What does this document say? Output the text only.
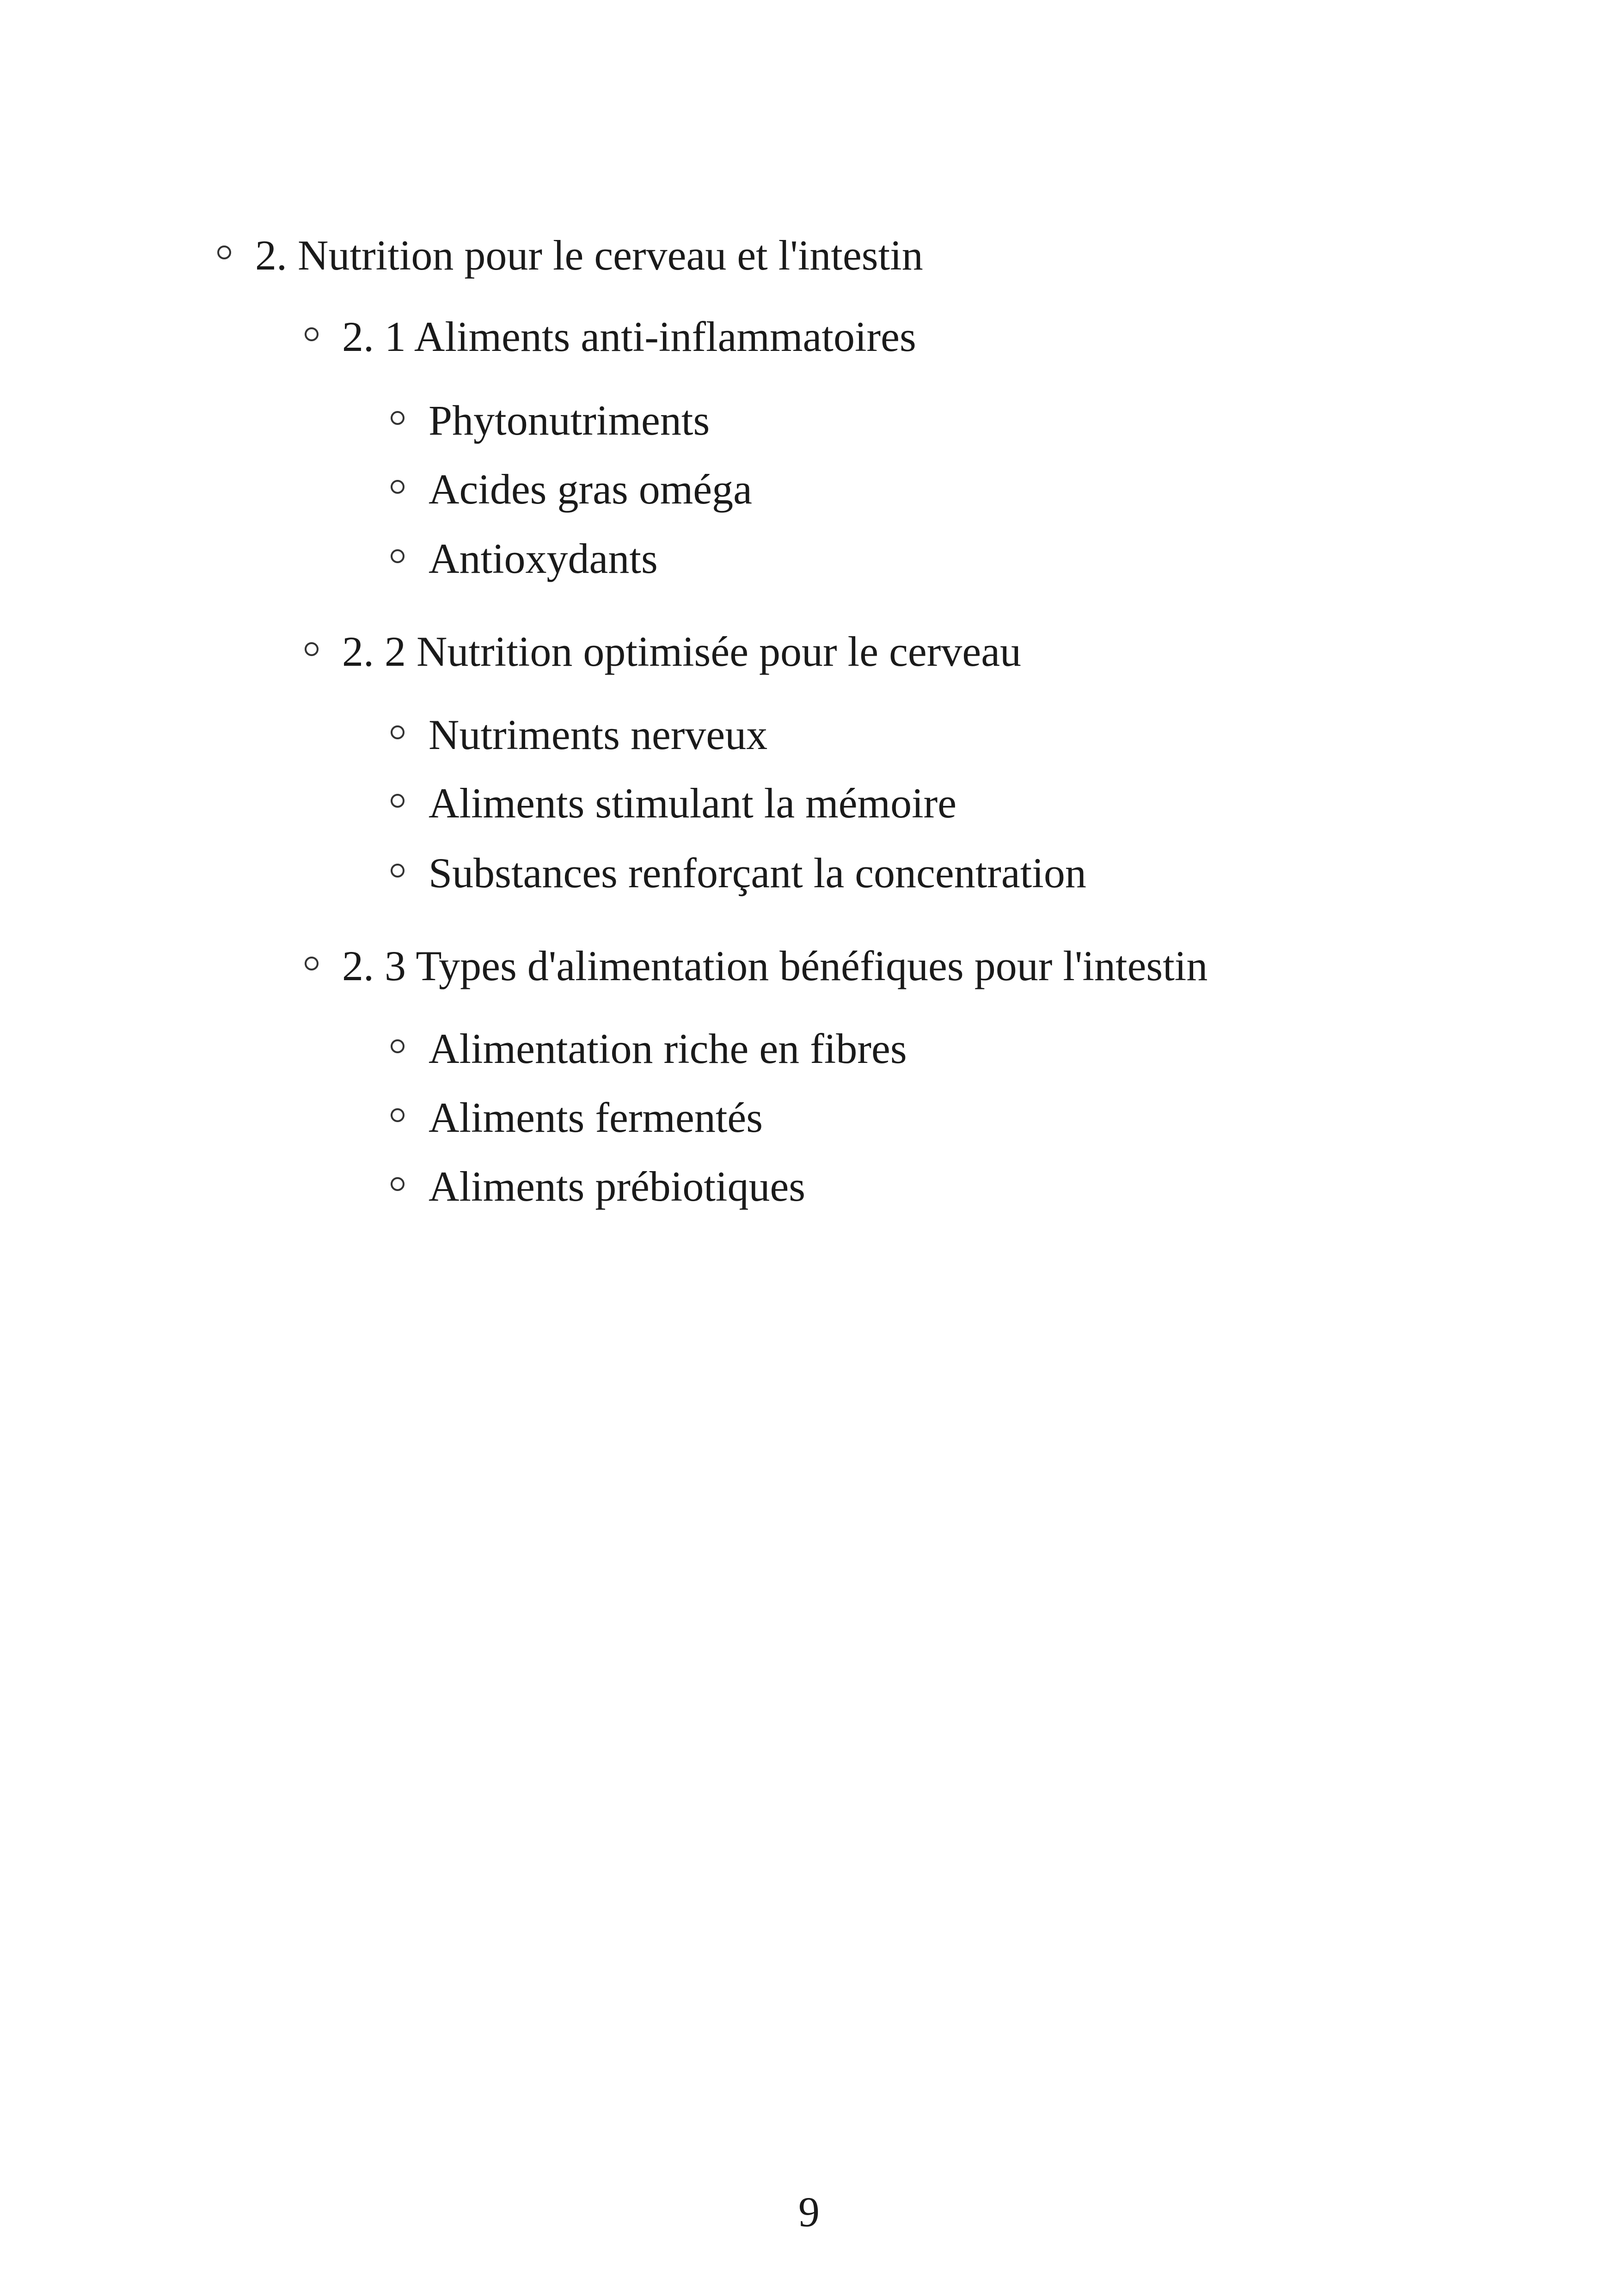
2. Nutrition pour le cerveau et l'intestin
2. 1 Aliments anti-inflammatoires
Phytonutriments
Acides gras oméga
Antioxydants
2. 2 Nutrition optimisée pour le cerveau
Nutriments nerveux
Aliments stimulant la mémoire
Substances renforçant la concentration
2. 3 Types d'alimentation bénéfiques pour l'intestin
Alimentation riche en fibres
Aliments fermentés
Aliments prébiotiques
9
